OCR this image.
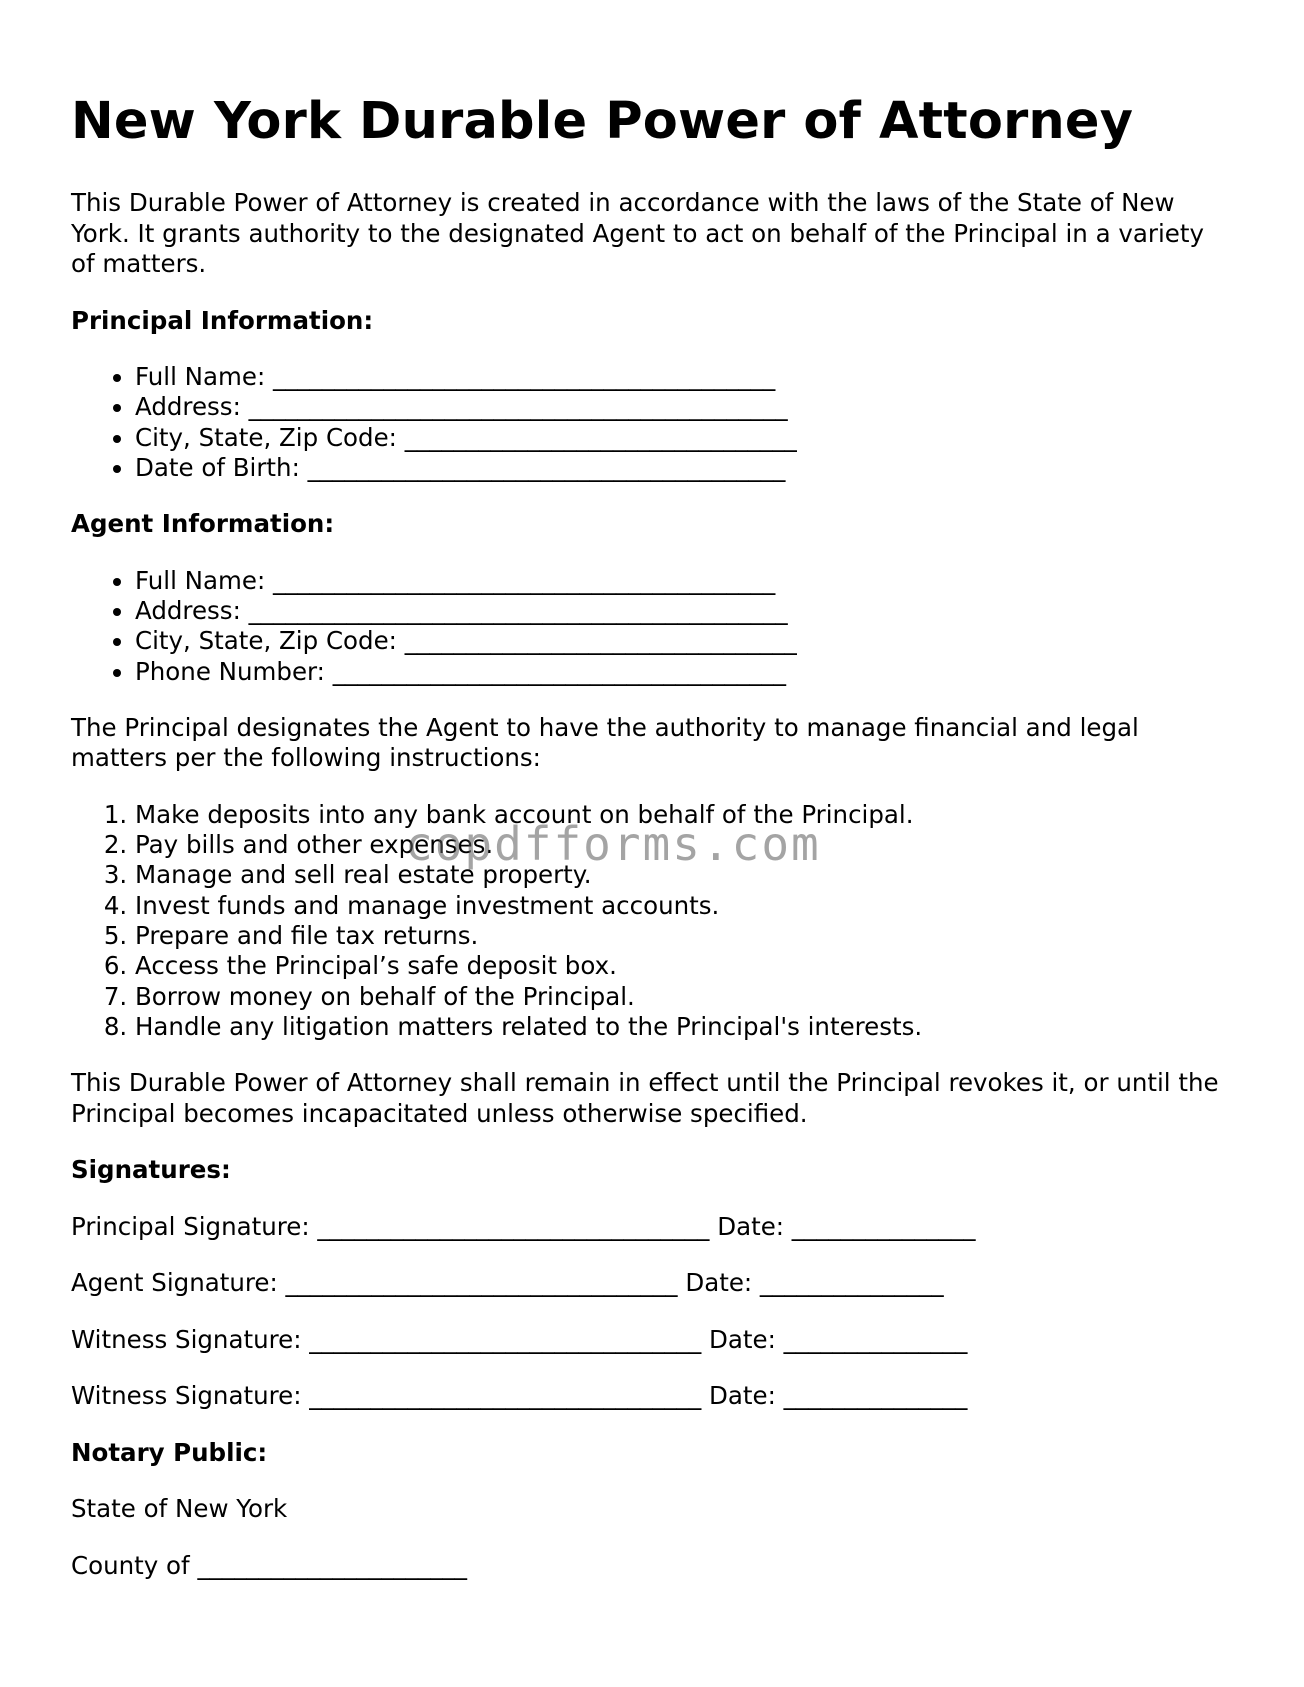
New York Durable Power of Attorney

This Durable Power of Attorney is created in accordance with the laws of the State of New York. It grants authority to the designated Agent to act on behalf of the Principal in a variety of matters.

Principal Information:
• Full Name: _________________________________________
• Address: ____________________________________________
• City, State, Zip Code: ________________________________
• Date of Birth: _______________________________________
Agent Information:
• Full Name: _________________________________________
• Address: ____________________________________________
• City, State, Zip Code: ________________________________
• Phone Number: _____________________________________

The Principal designates the Agent to have the authority to manage financial and legal matters per the following instructions:

1. Make deposits into any bank account on behalf of the Principal.
2. Pay bills and other expenses.
3. Manage and sell real estate property.
4. Invest funds and manage investment accounts.
5. Prepare and file tax returns.
6. Access the Principal’s safe deposit box.
7. Borrow money on behalf of the Principal.
8. Handle any litigation matters related to the Principal's interests.

This Durable Power of Attorney shall remain in effect until the Principal revokes it, or until the Principal becomes incapacitated unless otherwise specified.

Signatures:

Principal Signature: ________________________________ Date: _______________

Agent Signature: ________________________________ Date: _______________

Witness Signature: ________________________________ Date: _______________

Witness Signature: ________________________________ Date: _______________

Notary Public:

State of New York

County of ______________________

copdfforms.com
